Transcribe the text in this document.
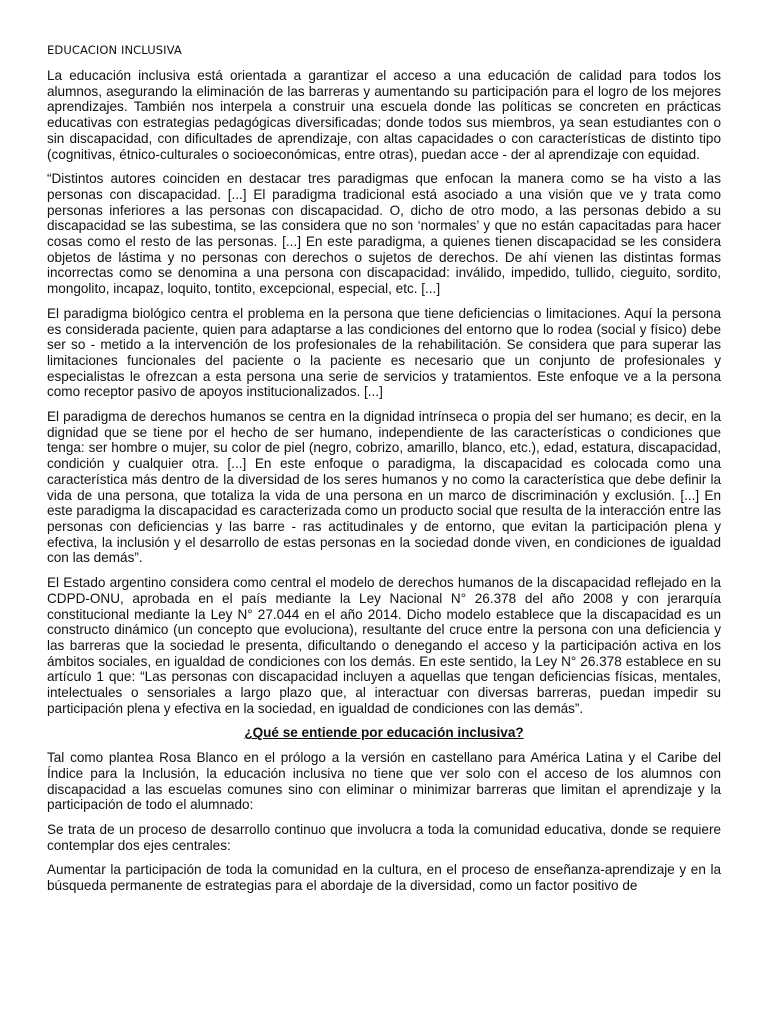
EDUCACION INCLUSIVA

La educación inclusiva está orientada a garantizar el acceso a una educación de calidad para todos los alumnos, asegurando la eliminación de las barreras y aumentando su participación para el logro de los mejores aprendizajes. También nos interpela a construir una escuela donde las políticas se concreten en prácticas educativas con estrategias pedagógicas diversificadas; donde todos sus miembros, ya sean estudiantes con o sin discapacidad, con dificultades de aprendizaje, con altas capacidades o con características de distinto tipo (cognitivas, étnico-culturales o socioeconómicas, entre otras), puedan acce - der al aprendizaje con equidad.

“Distintos autores coinciden en destacar tres paradigmas que enfocan la manera como se ha visto a las personas con discapacidad. [...] El paradigma tradicional está asociado a una visión que ve y trata como personas inferiores a las personas con discapacidad. O, dicho de otro modo, a las personas debido a su discapacidad se las subestima, se las considera que no son ‘normales’ y que no están capacitadas para hacer cosas como el resto de las personas. [...] En este paradigma, a quienes tienen discapacidad se les considera objetos de lástima y no personas con derechos o sujetos de derechos. De ahí vienen las distintas formas incorrectas como se denomina a una persona con discapacidad: inválido, impedido, tullido, cieguito, sordito, mongolito, incapaz, loquito, tontito, excepcional, especial, etc. [...]

El paradigma biológico centra el problema en la persona que tiene deficiencias o limitaciones. Aquí la persona es considerada paciente, quien para adaptarse a las condiciones del entorno que lo rodea (social y físico) debe ser so - metido a la intervención de los profesionales de la rehabilitación. Se considera que para superar las limitaciones funcionales del paciente o la paciente es necesario que un conjunto de profesionales y especialistas le ofrezcan a esta persona una serie de servicios y tratamientos. Este enfoque ve a la persona como receptor pasivo de apoyos institucionalizados. [...]

El paradigma de derechos humanos se centra en la dignidad intrínseca o propia del ser humano; es decir, en la dignidad que se tiene por el hecho de ser humano, independiente de las características o condiciones que tenga: ser hombre o mujer, su color de piel (negro, cobrizo, amarillo, blanco, etc.), edad, estatura, discapacidad, condición y cualquier otra. [...] En este enfoque o paradigma, la discapacidad es colocada como una característica más dentro de la diversidad de los seres humanos y no como la característica que debe definir la vida de una persona, que totaliza la vida de una persona en un marco de discriminación y exclusión. [...] En este paradigma la discapacidad es caracterizada como un producto social que resulta de la interacción entre las personas con deficiencias y las barre - ras actitudinales y de entorno, que evitan la participación plena y efectiva, la inclusión y el desarrollo de estas personas en la sociedad donde viven, en condiciones de igualdad con las demás”.

El Estado argentino considera como central el modelo de derechos humanos de la discapacidad reflejado en la CDPD-ONU, aprobada en el país mediante la Ley Nacional N° 26.378 del año 2008 y con jerarquía constitucional mediante la Ley N° 27.044 en el año 2014. Dicho modelo establece que la discapacidad es un constructo dinámico (un concepto que evoluciona), resultante del cruce entre la persona con una deficiencia y las barreras que la sociedad le presenta, dificultando o denegando el acceso y la participación activa en los ámbitos sociales, en igualdad de condiciones con los demás. En este sentido, la Ley N° 26.378 establece en su artículo 1 que: “Las personas con discapacidad incluyen a aquellas que tengan deficiencias físicas, mentales, intelectuales o sensoriales a largo plazo que, al interactuar con diversas barreras, puedan impedir su participación plena y efectiva en la sociedad, en igualdad de condiciones con las demás”.

¿Qué se entiende por educación inclusiva?

Tal como plantea Rosa Blanco en el prólogo a la versión en castellano para América Latina y el Caribe del Índice para la Inclusión, la educación inclusiva no tiene que ver solo con el acceso de los alumnos con discapacidad a las escuelas comunes sino con eliminar o minimizar barreras que limitan el aprendizaje y la participación de todo el alumnado:

Se trata de un proceso de desarrollo continuo que involucra a toda la comunidad educativa, donde se requiere contemplar dos ejes centrales:

Aumentar la participación de toda la comunidad en la cultura, en el proceso de enseñanza-aprendizaje y en la búsqueda permanente de estrategias para el abordaje de la diversidad, como un factor positivo de
